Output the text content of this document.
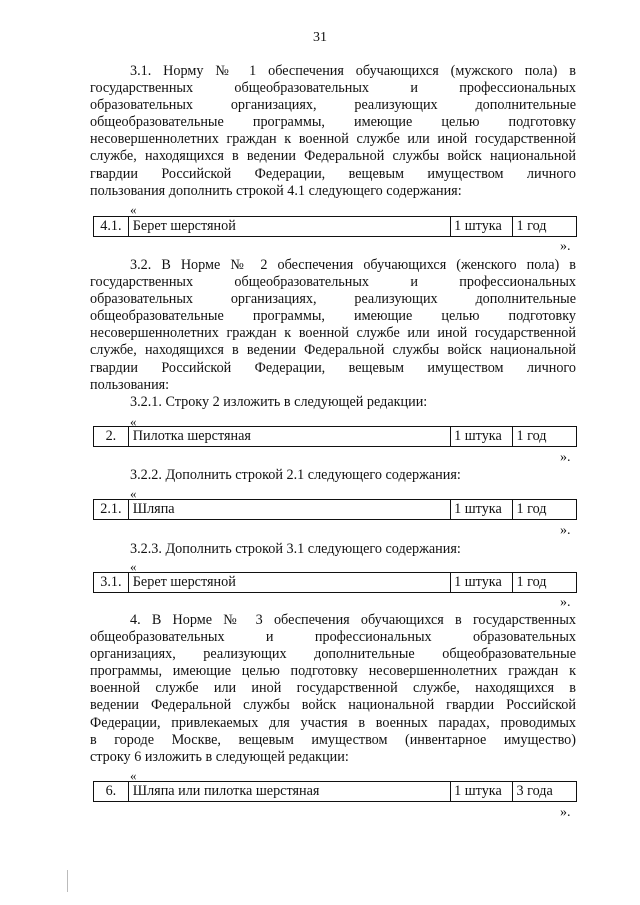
31
3.1. Норму № 1 обеспечения обучающихся (мужского пола) в
государственных общеобразовательных и профессиональных
образовательных организациях, реализующих дополнительные
общеобразовательные программы, имеющие целью подготовку
несовершеннолетних граждан к военной службе или иной государственной
службе, находящихся в ведении Федеральной службы войск национальной
гвардии Российской Федерации, вещевым имуществом личного
пользования дополнить строкой 4.1 следующего содержания:
«
4.1.	Берет шерстяной	1 штука	1 год
».
3.2. В Норме № 2 обеспечения обучающихся (женского пола) в
государственных общеобразовательных и профессиональных
образовательных организациях, реализующих дополнительные
общеобразовательные программы, имеющие целью подготовку
несовершеннолетних граждан к военной службе или иной государственной
службе, находящихся в ведении Федеральной службы войск национальной
гвардии Российской Федерации, вещевым имуществом личного
пользования:
3.2.1. Строку 2 изложить в следующей редакции:
«
2.	Пилотка шерстяная	1 штука	1 год
».
3.2.2. Дополнить строкой 2.1 следующего содержания:
«
2.1.	Шляпа	1 штука	1 год
».
3.2.3. Дополнить строкой 3.1 следующего содержания:
«
3.1.	Берет шерстяной	1 штука	1 год
».
4. В Норме № 3 обеспечения обучающихся в государственных
общеобразовательных и профессиональных образовательных
организациях, реализующих дополнительные общеобразовательные
программы, имеющие целью подготовку несовершеннолетних граждан к
военной службе или иной государственной службе, находящихся в
ведении Федеральной службы войск национальной гвардии Российской
Федерации, привлекаемых для участия в военных парадах, проводимых
в городе Москве, вещевым имуществом (инвентарное имущество)
строку 6 изложить в следующей редакции:
«
6.	Шляпа или пилотка шерстяная	1 штука	3 года
».
